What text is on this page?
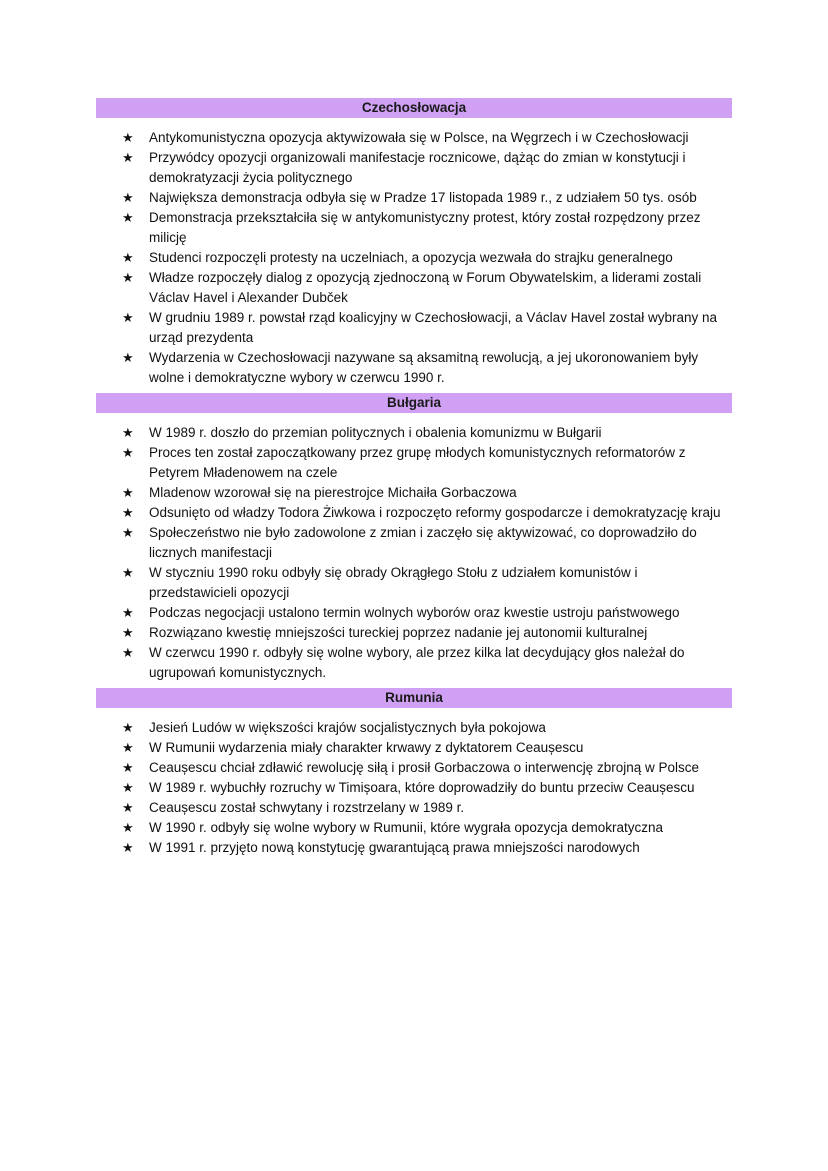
Czechosłowacja
★ Antykomunistyczna opozycja aktywizowała się w Polsce, na Węgrzech i w Czechosłowacji
★ Przywódcy opozycji organizowali manifestacje rocznicowe, dążąc do zmian w konstytucji i demokratyzacji życia politycznego
★ Największa demonstracja odbyła się w Pradze 17 listopada 1989 r., z udziałem 50 tys. osób
★ Demonstracja przekształciła się w antykomunistyczny protest, który został rozpędzony przez milicję
★ Studenci rozpoczęli protesty na uczelniach, a opozycja wezwała do strajku generalnego
★ Władze rozpoczęły dialog z opozycją zjednoczoną w Forum Obywatelskim, a liderami zostali Václav Havel i Alexander Dubček
★ W grudniu 1989 r. powstał rząd koalicyjny w Czechosłowacji, a Václav Havel został wybrany na urząd prezydenta
★ Wydarzenia w Czechosłowacji nazywane są aksamitną rewolucją, a jej ukoronowaniem były wolne i demokratyczne wybory w czerwcu 1990 r.
Bułgaria
★ W 1989 r. doszło do przemian politycznych i obalenia komunizmu w Bułgarii
★ Proces ten został zapoczątkowany przez grupę młodych komunistycznych reformatorów z Petyrem Mładenowem na czele
★ Mladenow wzorował się na pierestrojce Michaiła Gorbaczowa
★ Odsunięto od władzy Todora Żiwkowa i rozpoczęto reformy gospodarcze i demokratyzację kraju
★ Społeczeństwo nie było zadowolone z zmian i zaczęło się aktywizować, co doprowadziło do licznych manifestacji
★ W styczniu 1990 roku odbyły się obrady Okrągłego Stołu z udziałem komunistów i przedstawicieli opozycji
★ Podczas negocjacji ustalono termin wolnych wyborów oraz kwestie ustroju państwowego
★ Rozwiązano kwestię mniejszości tureckiej poprzez nadanie jej autonomii kulturalnej
★ W czerwcu 1990 r. odbyły się wolne wybory, ale przez kilka lat decydujący głos należał do ugrupowań komunistycznych.
Rumunia
★ Jesień Ludów w większości krajów socjalistycznych była pokojowa
★ W Rumunii wydarzenia miały charakter krwawy z dyktatorem Ceaușescu
★ Ceaușescu chciał zdławić rewolucję siłą i prosił Gorbaczowa o interwencję zbrojną w Polsce
★ W 1989 r. wybuchły rozruchy w Timișoara, które doprowadziły do buntu przeciw Ceaușescu
★ Ceaușescu został schwytany i rozstrzelany w 1989 r.
★ W 1990 r. odbyły się wolne wybory w Rumunii, które wygrała opozycja demokratyczna
★ W 1991 r. przyjęto nową konstytucję gwarantującą prawa mniejszości narodowych
